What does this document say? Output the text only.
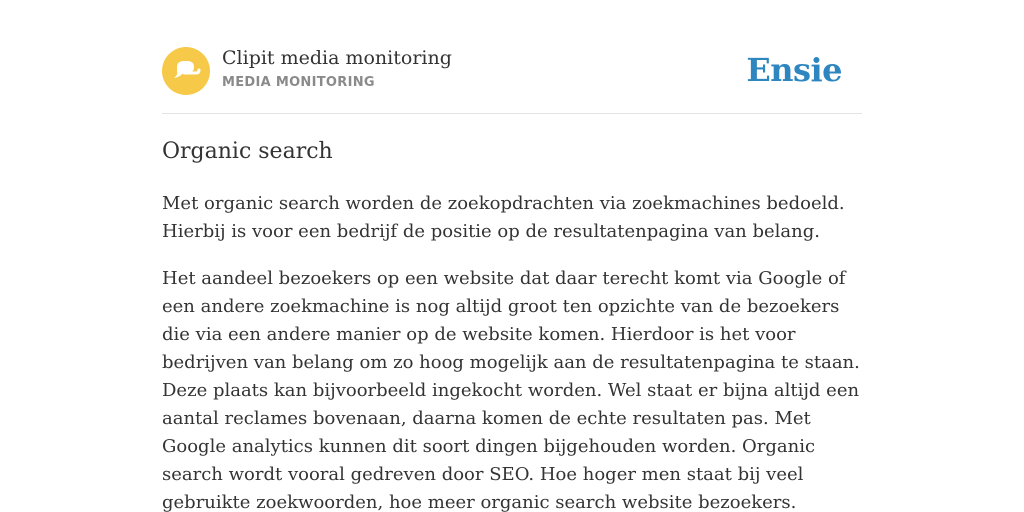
Clipit media monitoring
MEDIA MONITORING	Ensie
Organic search

Met organic search worden de zoekopdrachten via zoekmachines bedoeld. Hierbij is voor een bedrijf de positie op de resultatenpagina van belang.

Het aandeel bezoekers op een website dat daar terecht komt via Google of een andere zoekmachine is nog altijd groot ten opzichte van de bezoekers die via een andere manier op de website komen. Hierdoor is het voor bedrijven van belang om zo hoog mogelijk aan de resultatenpagina te staan. Deze plaats kan bijvoorbeeld ingekocht worden. Wel staat er bijna altijd een aantal reclames bovenaan, daarna komen de echte resultaten pas. Met Google analytics kunnen dit soort dingen bijgehouden worden. Organic search wordt vooral gedreven door SEO. Hoe hoger men staat bij veel gebruikte zoekwoorden, hoe meer organic search website bezoekers.
